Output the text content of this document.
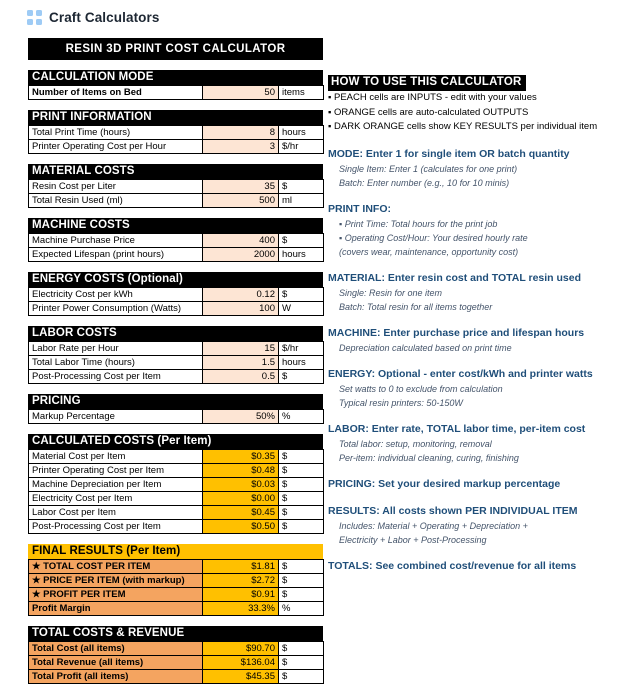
Craft Calculators
RESIN 3D PRINT COST CALCULATOR
CALCULATION MODE
Number of Items on Bed	50	items
PRINT INFORMATION
Total Print Time (hours)	8	hours
Printer Operating Cost per Hour	3	$/hr
MATERIAL COSTS
Resin Cost per Liter	35	$
Total Resin Used (ml)	500	ml
MACHINE COSTS
Machine Purchase Price	400	$
Expected Lifespan (print hours)	2000	hours
ENERGY COSTS (Optional)
Electricity Cost per kWh	0.12	$
Printer Power Consumption (Watts)	100	W
LABOR COSTS
Labor Rate per Hour	15	$/hr
Total Labor Time (hours)	1.5	hours
Post-Processing Cost per Item	0.5	$
PRICING
Markup Percentage	50%	%
CALCULATED COSTS (Per Item)
Material Cost per Item	$0.35	$
Printer Operating Cost per Item	$0.48	$
Machine Depreciation per Item	$0.03	$
Electricity Cost per Item	$0.00	$
Labor Cost per Item	$0.45	$
Post-Processing Cost per Item	$0.50	$
FINAL RESULTS (Per Item)
★ TOTAL COST PER ITEM	$1.81	$
★ PRICE PER ITEM (with markup)	$2.72	$
★ PROFIT PER ITEM	$0.91	$
Profit Margin	33.3%	%
TOTAL COSTS & REVENUE
Total Cost (all items)	$90.70	$
Total Revenue (all items)	$136.04	$
Total Profit (all items)	$45.35	$
HOW TO USE THIS CALCULATOR
▪ PEACH cells are INPUTS - edit with your values
▪ ORANGE cells are auto-calculated OUTPUTS
▪ DARK ORANGE cells show KEY RESULTS per individual item
MODE: Enter 1 for single item OR batch quantity
Single Item: Enter 1 (calculates for one print)
Batch: Enter number (e.g., 10 for 10 minis)
PRINT INFO:
▪ Print Time: Total hours for the print job
▪ Operating Cost/Hour: Your desired hourly rate
(covers wear, maintenance, opportunity cost)
MATERIAL: Enter resin cost and TOTAL resin used
Single: Resin for one item
Batch: Total resin for all items together
MACHINE: Enter purchase price and lifespan hours
Depreciation calculated based on print time
ENERGY: Optional - enter cost/kWh and printer watts
Set watts to 0 to exclude from calculation
Typical resin printers: 50-150W
LABOR: Enter rate, TOTAL labor time, per-item cost
Total labor: setup, monitoring, removal
Per-item: individual cleaning, curing, finishing
PRICING: Set your desired markup percentage
RESULTS: All costs shown PER INDIVIDUAL ITEM
Includes: Material + Operating + Depreciation +
Electricity + Labor + Post-Processing
TOTALS: See combined cost/revenue for all items
